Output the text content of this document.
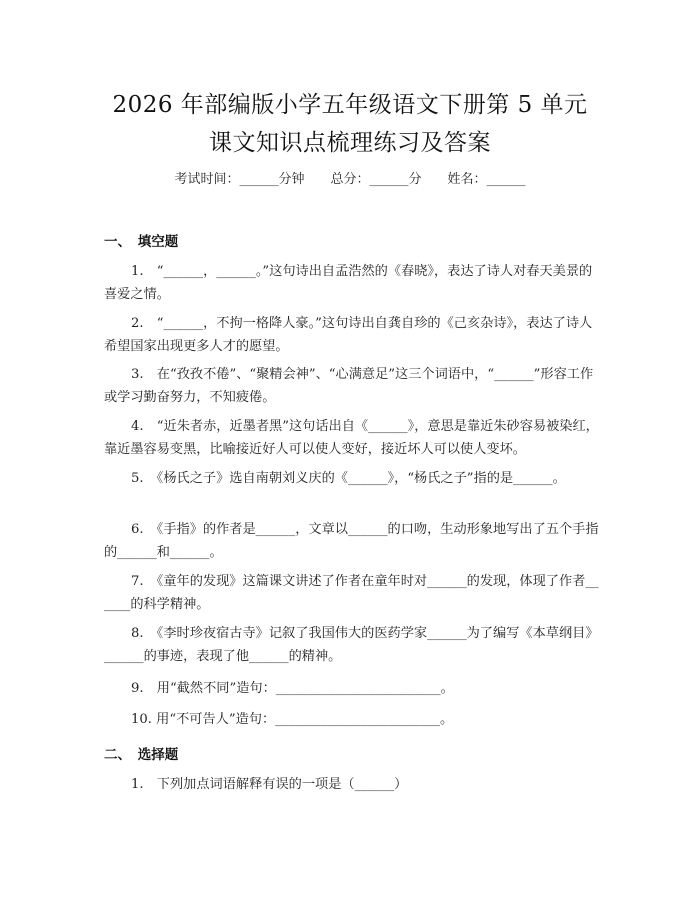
2026 年部编版小学五年级语文下册第 5 单元
课文知识点梳理练习及答案
考试时间：______分钟　　总分：______分　　姓名：______
一、　填空题
1.　“______，______。”这句诗出自孟浩然的《春晓》，表达了诗人对春天美景的喜爱之情。
2.　“______，不拘一格降人豪。”这句诗出自龚自珍的《己亥杂诗》，表达了诗人希望国家出现更多人才的愿望。
3.　在“孜孜不倦”、“聚精会神”、“心满意足”这三个词语中，“______”形容工作或学习勤奋努力，不知疲倦。
4.　“近朱者赤，近墨者黑”这句话出自《______》，意思是靠近朱砂容易被染红，靠近墨容易变黑，比喻接近好人可以使人变好，接近坏人可以使人变坏。
5.　《杨氏之子》选自南朝刘义庆的《______》，“杨氏之子”指的是______。
6.　《手指》的作者是______，文章以______的口吻，生动形象地写出了五个手指的______和______。
7.　《童年的发现》这篇课文讲述了作者在童年时对______的发现，体现了作者______的科学精神。
8.　《李时珍夜宿古寺》记叙了我国伟大的医药学家______为了编写《本草纲目》______的事迹，表现了他______的精神。
9.　用“截然不同”造句：_________________________。
10. 用“不可告人”造句：_________________________。
二、　选择题
1.　下列加点词语解释有误的一项是（______）
